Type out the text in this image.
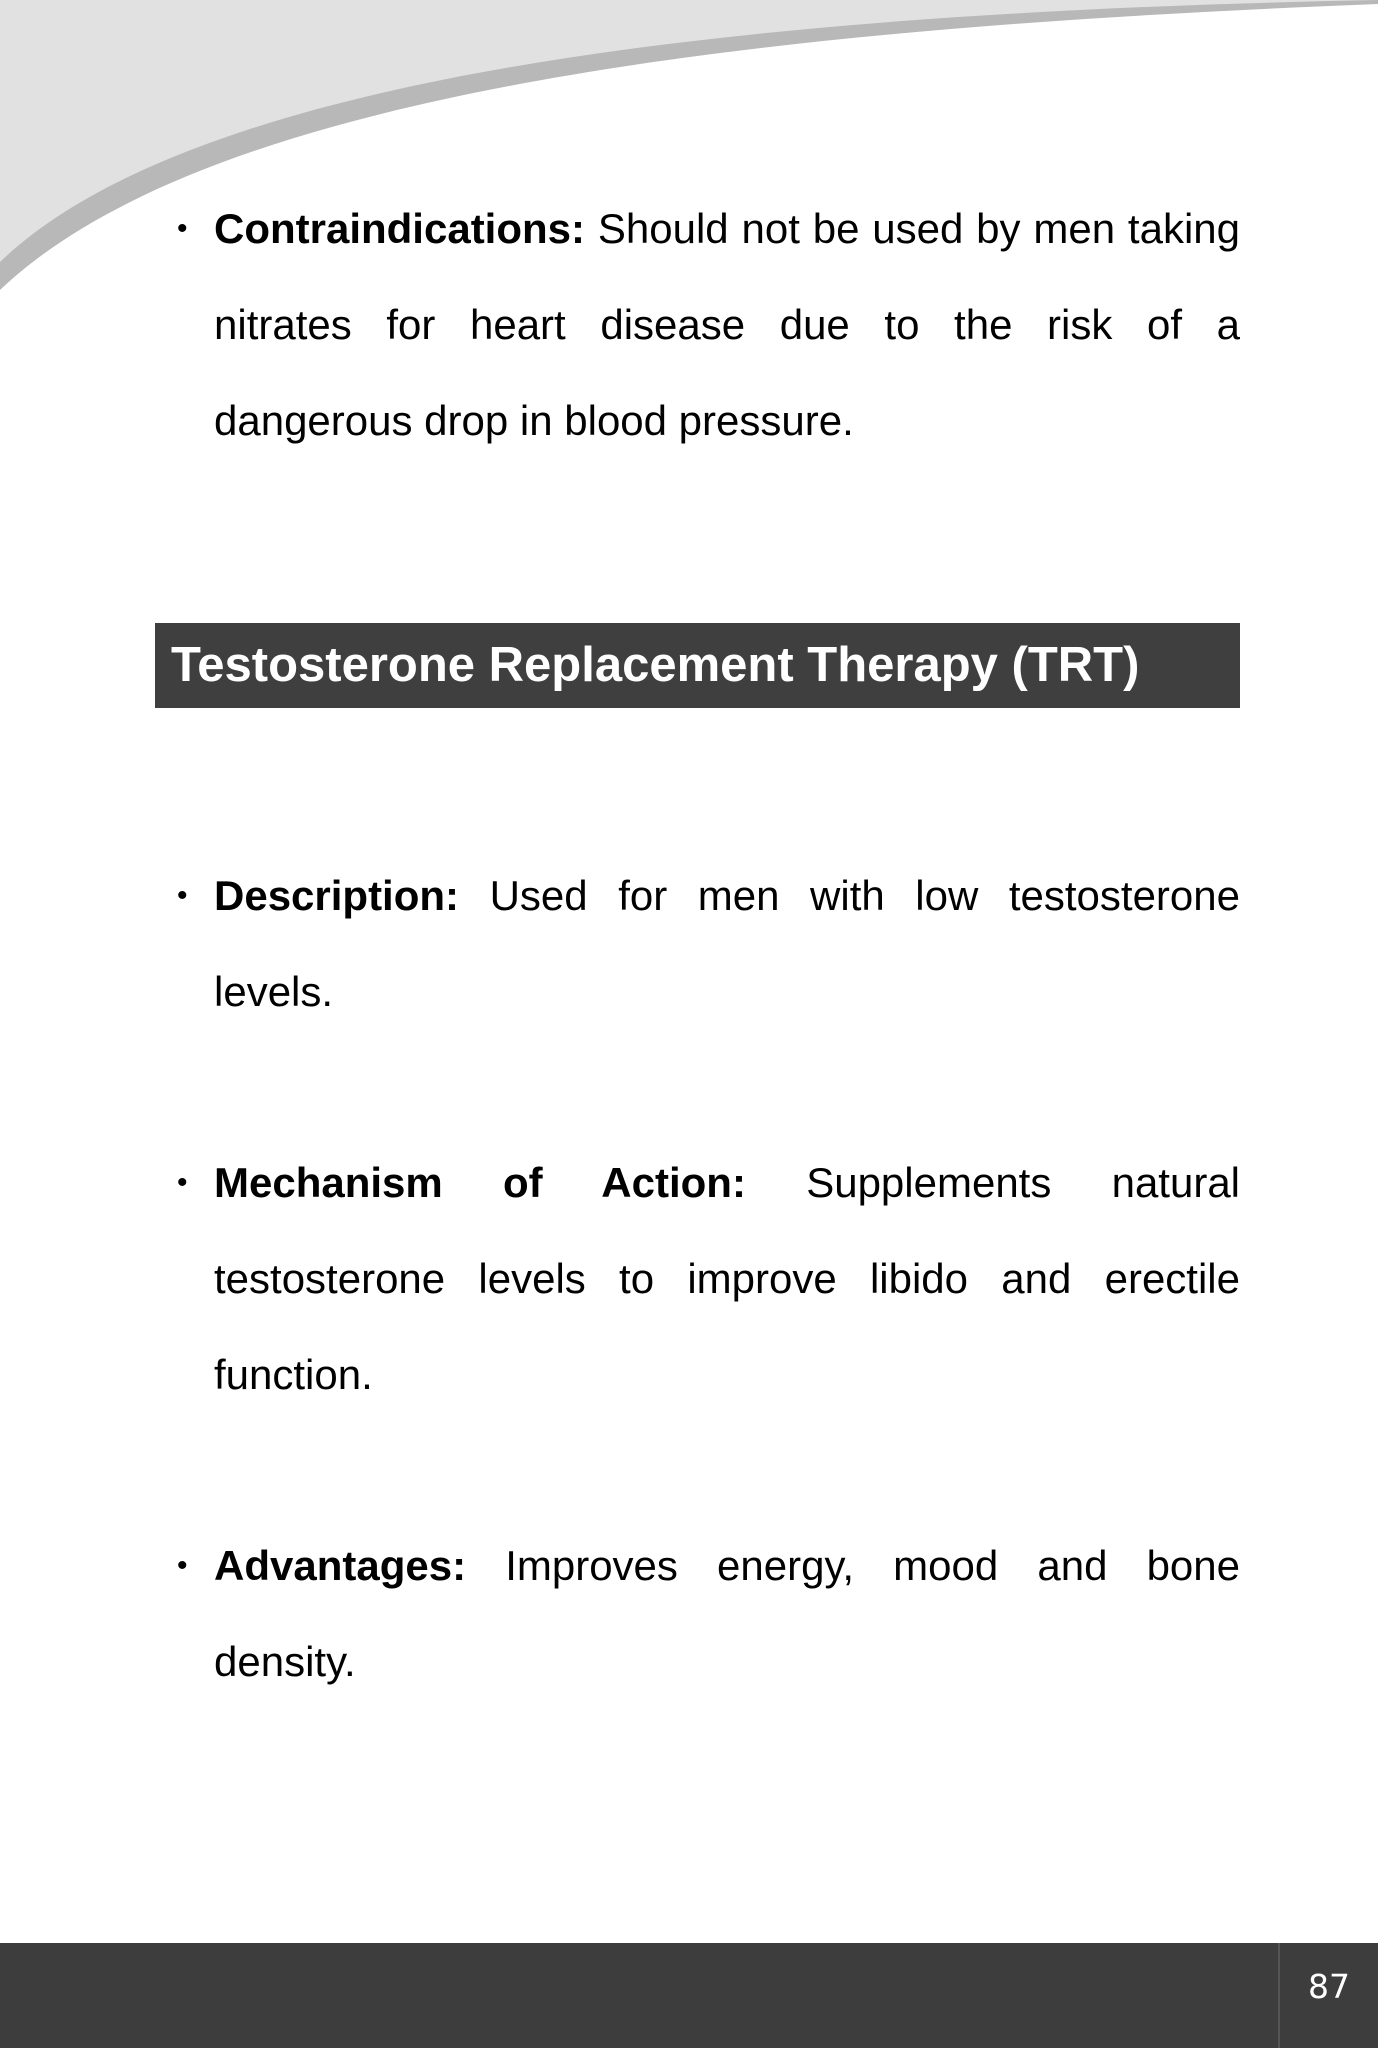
• Contraindications: Should not be used by men taking nitrates for heart disease due to the risk of a dangerous drop in blood pressure.

Testosterone Replacement Therapy (TRT)

• Description: Used for men with low testosterone levels.

• Mechanism of Action: Supplements natural testosterone levels to improve libido and erectile function.

• Advantages: Improves energy, mood and bone density.

87
